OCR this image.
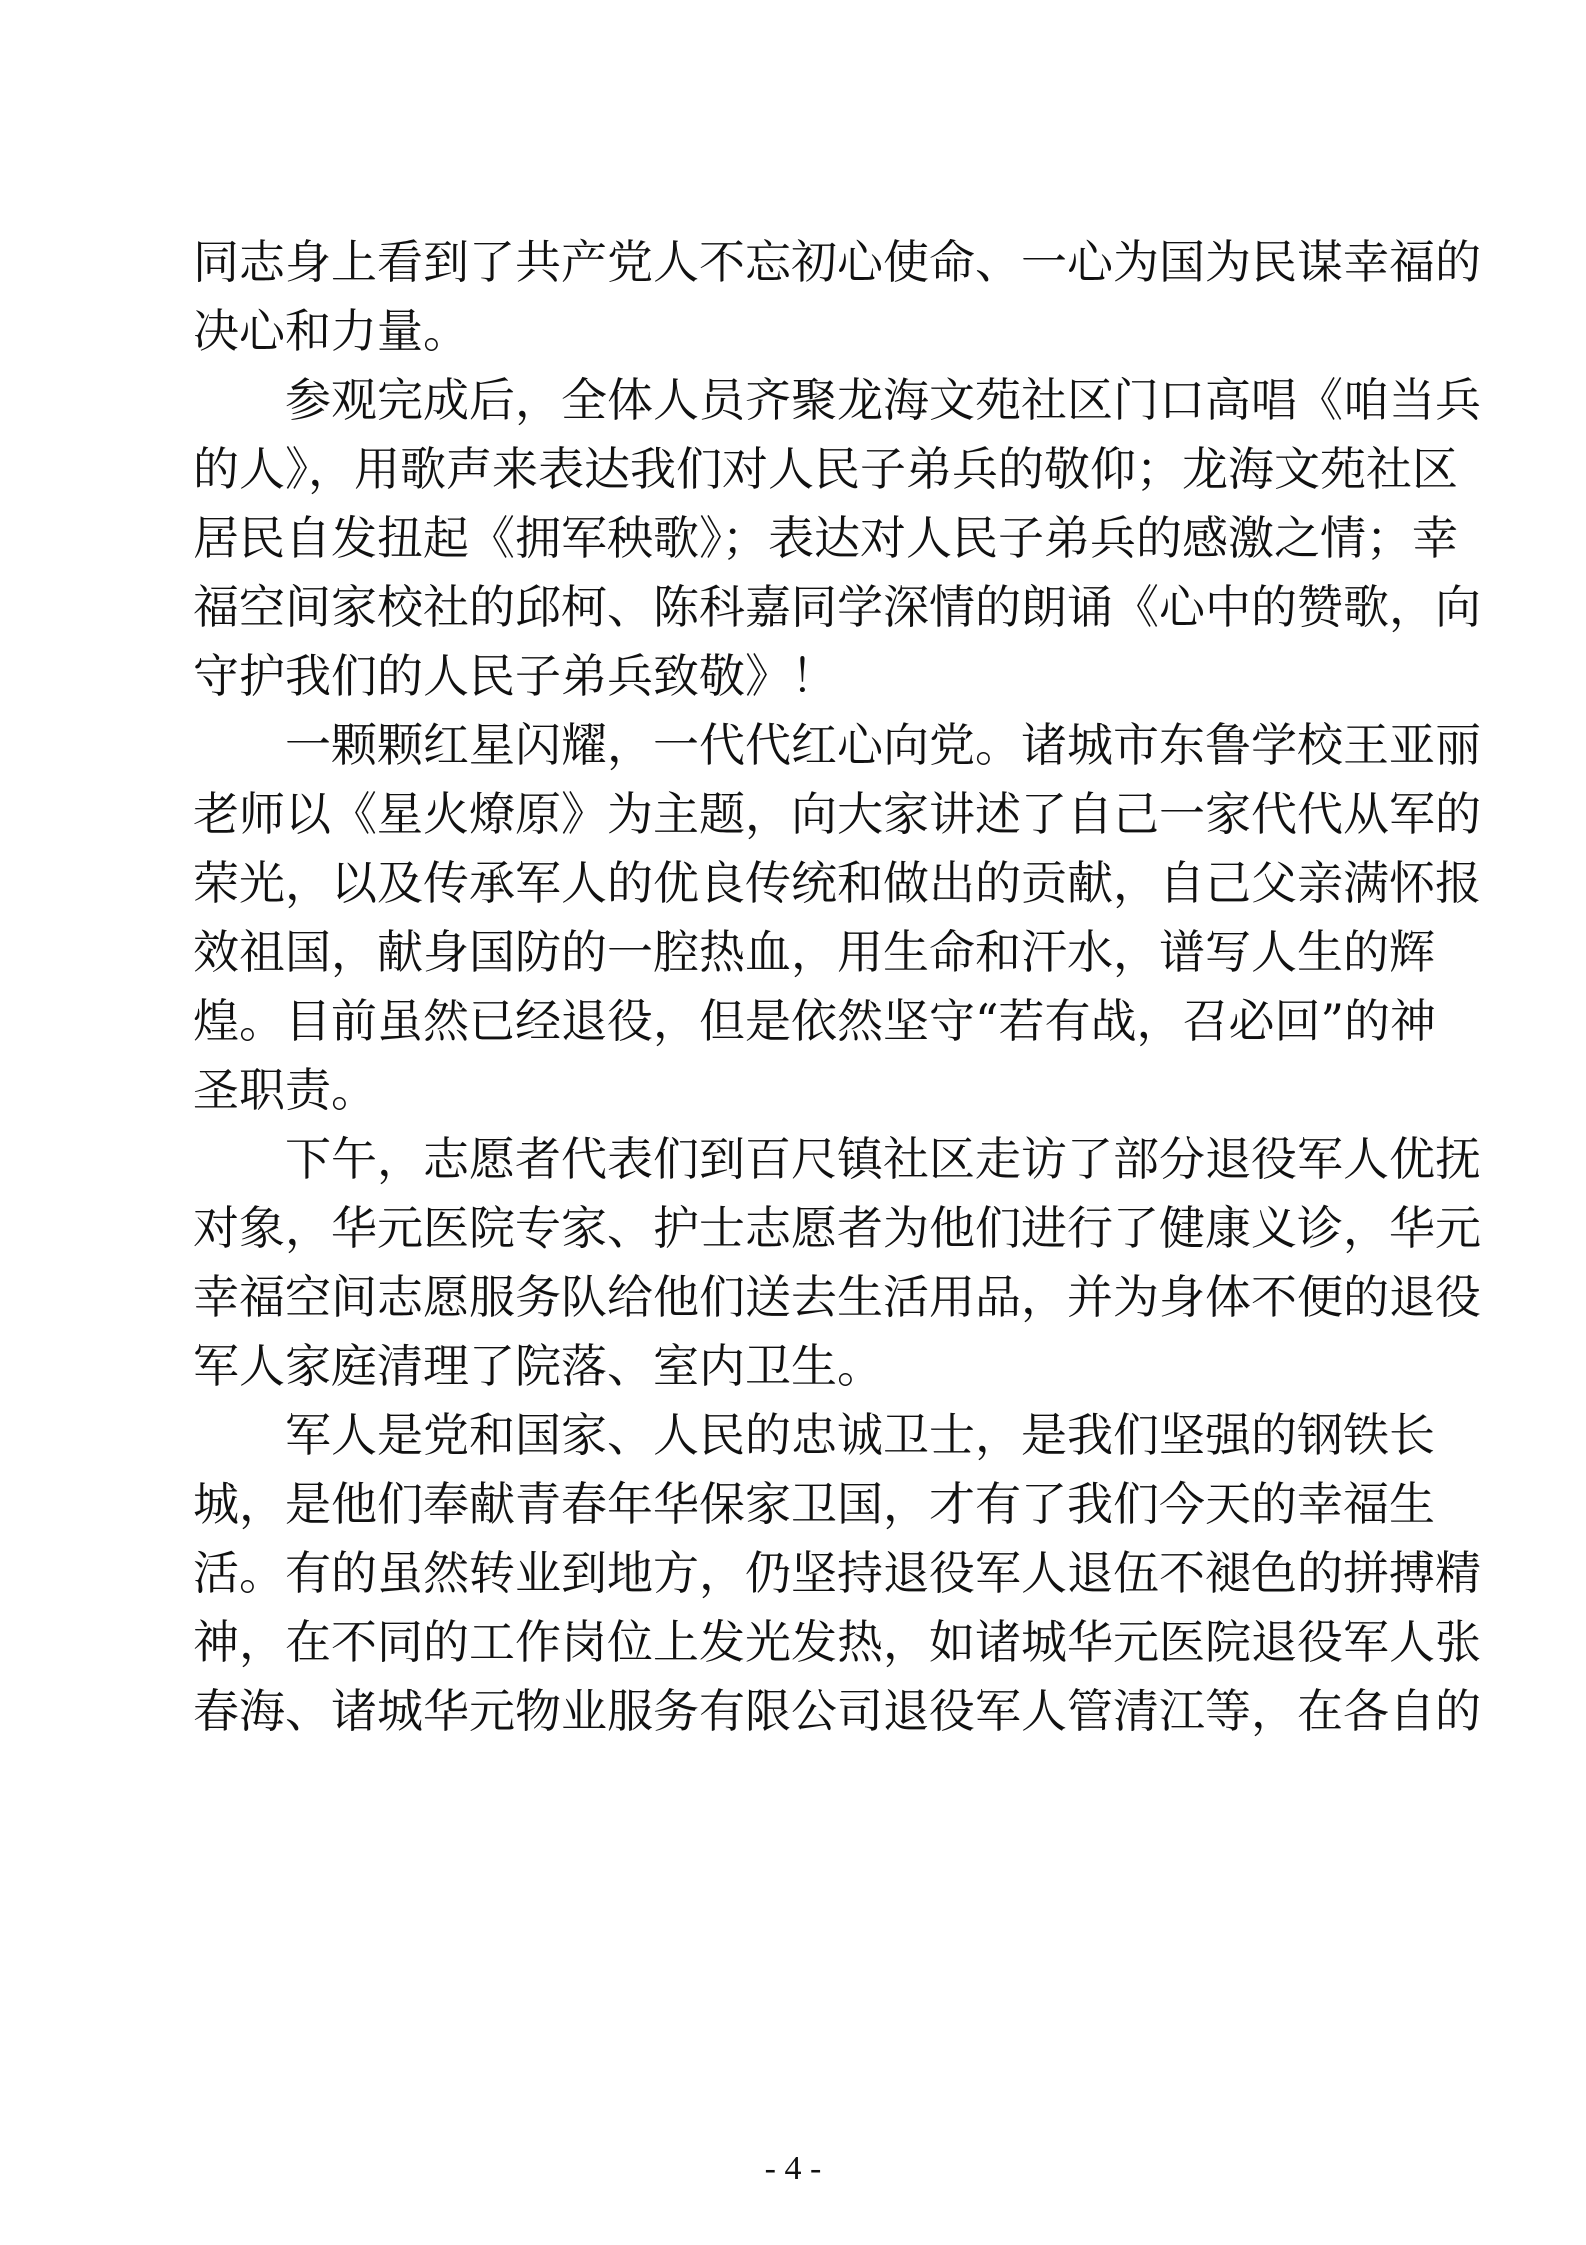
同志身上看到了共产党人不忘初心使命、一心为国为民谋幸福的
决心和力量。
参观完成后，全体人员齐聚龙海文苑社区门口高唱《咱当兵
的人》，用歌声来表达我们对人民子弟兵的敬仰；龙海文苑社区
居民自发扭起《拥军秧歌》；表达对人民子弟兵的感激之情；幸
福空间家校社的邱柯、陈科嘉同学深情的朗诵《心中的赞歌，向
守护我们的人民子弟兵致敬》！
一颗颗红星闪耀，一代代红心向党。诸城市东鲁学校王亚丽
老师以《星火燎原》为主题，向大家讲述了自己一家代代从军的
荣光，以及传承军人的优良传统和做出的贡献，自己父亲满怀报
效祖国，献身国防的一腔热血，用生命和汗水，谱写人生的辉
煌。目前虽然已经退役，但是依然坚守“若有战，召必回”的神
圣职责。
下午，志愿者代表们到百尺镇社区走访了部分退役军人优抚
对象，华元医院专家、护士志愿者为他们进行了健康义诊，华元
幸福空间志愿服务队给他们送去生活用品，并为身体不便的退役
军人家庭清理了院落、室内卫生。
军人是党和国家、人民的忠诚卫士，是我们坚强的钢铁长
城，是他们奉献青春年华保家卫国，才有了我们今天的幸福生
活。有的虽然转业到地方，仍坚持退役军人退伍不褪色的拼搏精
神，在不同的工作岗位上发光发热，如诸城华元医院退役军人张
春海、诸城华元物业服务有限公司退役军人管清江等，在各自的
- 4 -
